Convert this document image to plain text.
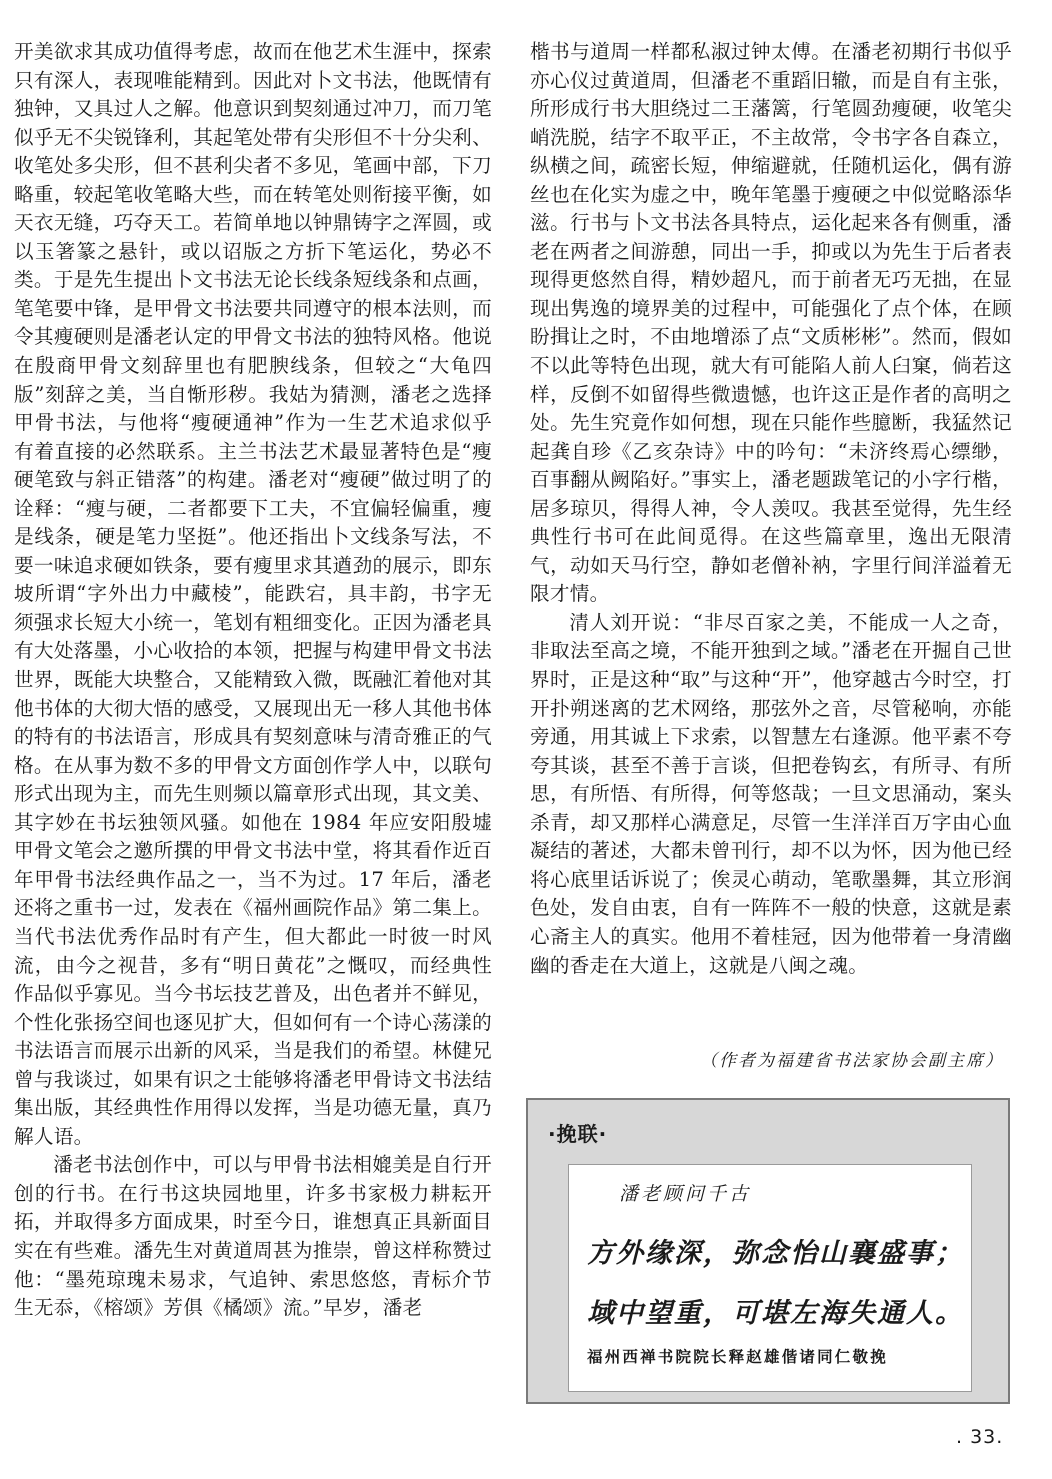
开美欲求其成功值得考虑，故而在他艺术生涯中，探索只有深人，表现唯能精到。因此对卜文书法，他既情有独钟，又具过人之解。他意识到契刻通过冲刀，而刀笔似乎无不尖锐锋利，其起笔处带有尖形但不十分尖利、收笔处多尖形，但不甚利尖者不多见，笔画中部，下刀略重，较起笔收笔略大些，而在转笔处则衔接平衡，如天衣无缝，巧夺天工。若简单地以钟鼎铸字之浑圆，或以玉箸篆之悬针，或以诏版之方折下笔运化，势必不类。于是先生提出卜文书法无论长线条短线条和点画，笔笔要中锋，是甲骨文书法要共同遵守的根本法则，而令其瘦硬则是潘老认定的甲骨文书法的独特风格。他说在殷商甲骨文刻辞里也有肥腴线条，但较之“大龟四版”刻辞之美，当自惭形秽。我姑为猜测，潘老之选择甲骨书法，与他将“瘦硬通神”作为一生艺术追求似乎有着直接的必然联系。主兰书法艺术最显著特色是“瘦硬笔致与斜正错落”的构建。潘老对“瘦硬”做过明了的诠释：“瘦与硬，二者都要下工夫，不宜偏轻偏重，瘦是线条，硬是笔力坚挺”。他还指出卜文线条写法，不要一味追求硬如铁条，要有瘦里求其遒劲的展示，即东坡所谓“字外出力中藏棱”，能跌宕，具丰韵，书字无须强求长短大小统一，笔划有粗细变化。正因为潘老具有大处落墨，小心收拾的本领，把握与构建甲骨文书法世界，既能大块整合，又能精致入微，既融汇着他对其他书体的大彻大悟的感受，又展现出无一移人其他书体的特有的书法语言，形成具有契刻意味与清奇雅正的气格。在从事为数不多的甲骨文方面创作学人中，以联句形式出现为主，而先生则频以篇章形式出现，其文美、其字妙在书坛独领风骚。如他在 1984 年应安阳殷墟甲骨文笔会之邀所撰的甲骨文书法中堂，将其看作近百年甲骨书法经典作品之一，当不为过。17 年后，潘老还将之重书一过，发表在《福州画院作品》第二集上。当代书法优秀作品时有产生，但大都此一时彼一时风流，由今之视昔，多有“明日黄花”之慨叹，而经典性作品似乎寡见。当今书坛技艺普及，出色者并不鲜见，个性化张扬空间也逐见扩大，但如何有一个诗心荡漾的书法语言而展示出新的风采，当是我们的希望。林健兄曾与我谈过，如果有识之士能够将潘老甲骨诗文书法结集出版，其经典性作用得以发挥，当是功德无量，真乃解人语。

潘老书法创作中，可以与甲骨书法相媲美是自行开创的行书。在行书这块园地里，许多书家极力耕耘开拓，并取得多方面成果，时至今日，谁想真正具新面目实在有些难。潘先生对黄道周甚为推崇，曾这样称赞过他：“墨苑琼瑰未易求，气追钟、索思悠悠，青标介节生无忝，《榕颂》芳俱《橘颂》流。”早岁，潘老

楷书与道周一样都私淑过钟太傅。在潘老初期行书似乎亦心仪过黄道周，但潘老不重蹈旧辙，而是自有主张，所形成行书大胆绕过二王藩篱，行笔圆劲瘦硬，收笔尖峭洗脱，结字不取平正，不主故常，令书字各自森立，纵横之间，疏密长短，伸缩避就，任随机运化，偶有游丝也在化实为虚之中，晚年笔墨于瘦硬之中似觉略添华滋。行书与卜文书法各具特点，运化起来各有侧重，潘老在两者之间游憩，同出一手，抑或以为先生于后者表现得更悠然自得，精妙超凡，而于前者无巧无拙，在显现出隽逸的境界美的过程中，可能强化了点个体，在顾盼揖让之时，不由地增添了点“文质彬彬”。然而，假如不以此等特色出现，就大有可能陷人前人臼窠，倘若这样，反倒不如留得些微遗憾，也许这正是作者的高明之处。先生究竟作如何想，现在只能作些臆断，我猛然记起龚自珍《乙亥杂诗》中的吟句：“未济终焉心缥缈，百事翻从阙陷好。”事实上，潘老题跋笔记的小字行楷，居多琼贝，得得人神，令人羡叹。我甚至觉得，先生经典性行书可在此间觅得。在这些篇章里，逸出无限清气，动如天马行空，静如老僧补衲，字里行间洋溢着无限才情。

清人刘开说：“非尽百家之美，不能成一人之奇，非取法至高之境，不能开独到之域。”潘老在开掘自己世界时，正是这种“取”与这种“开”，他穿越古今时空，打开扑朔迷离的艺术网络，那弦外之音，尽管秘响，亦能旁通，用其诚上下求索，以智慧左右逢源。他平素不夸夸其谈，甚至不善于言谈，但把卷钩玄，有所寻、有所思，有所悟、有所得，何等悠哉；一旦文思涌动，案头杀青，却又那样心满意足，尽管一生洋洋百万字由心血凝结的著述，大都未曾刊行，却不以为怀，因为他已经将心底里话诉说了；俟灵心萌动，笔歌墨舞，其立形润色处，发自由衷，自有一阵阵不一般的快意，这就是素心斋主人的真实。他用不着桂冠，因为他带着一身清幽幽的香走在大道上，这就是八闽之魂。

（作者为福建省书法家协会副主席）
·挽联·
潘老顾问千古
方外缘深，弥念怡山襄盛事；
域中望重，可堪左海失通人。
福州西禅书院院长释赵雄偕诸同仁敬挽
. 33.
